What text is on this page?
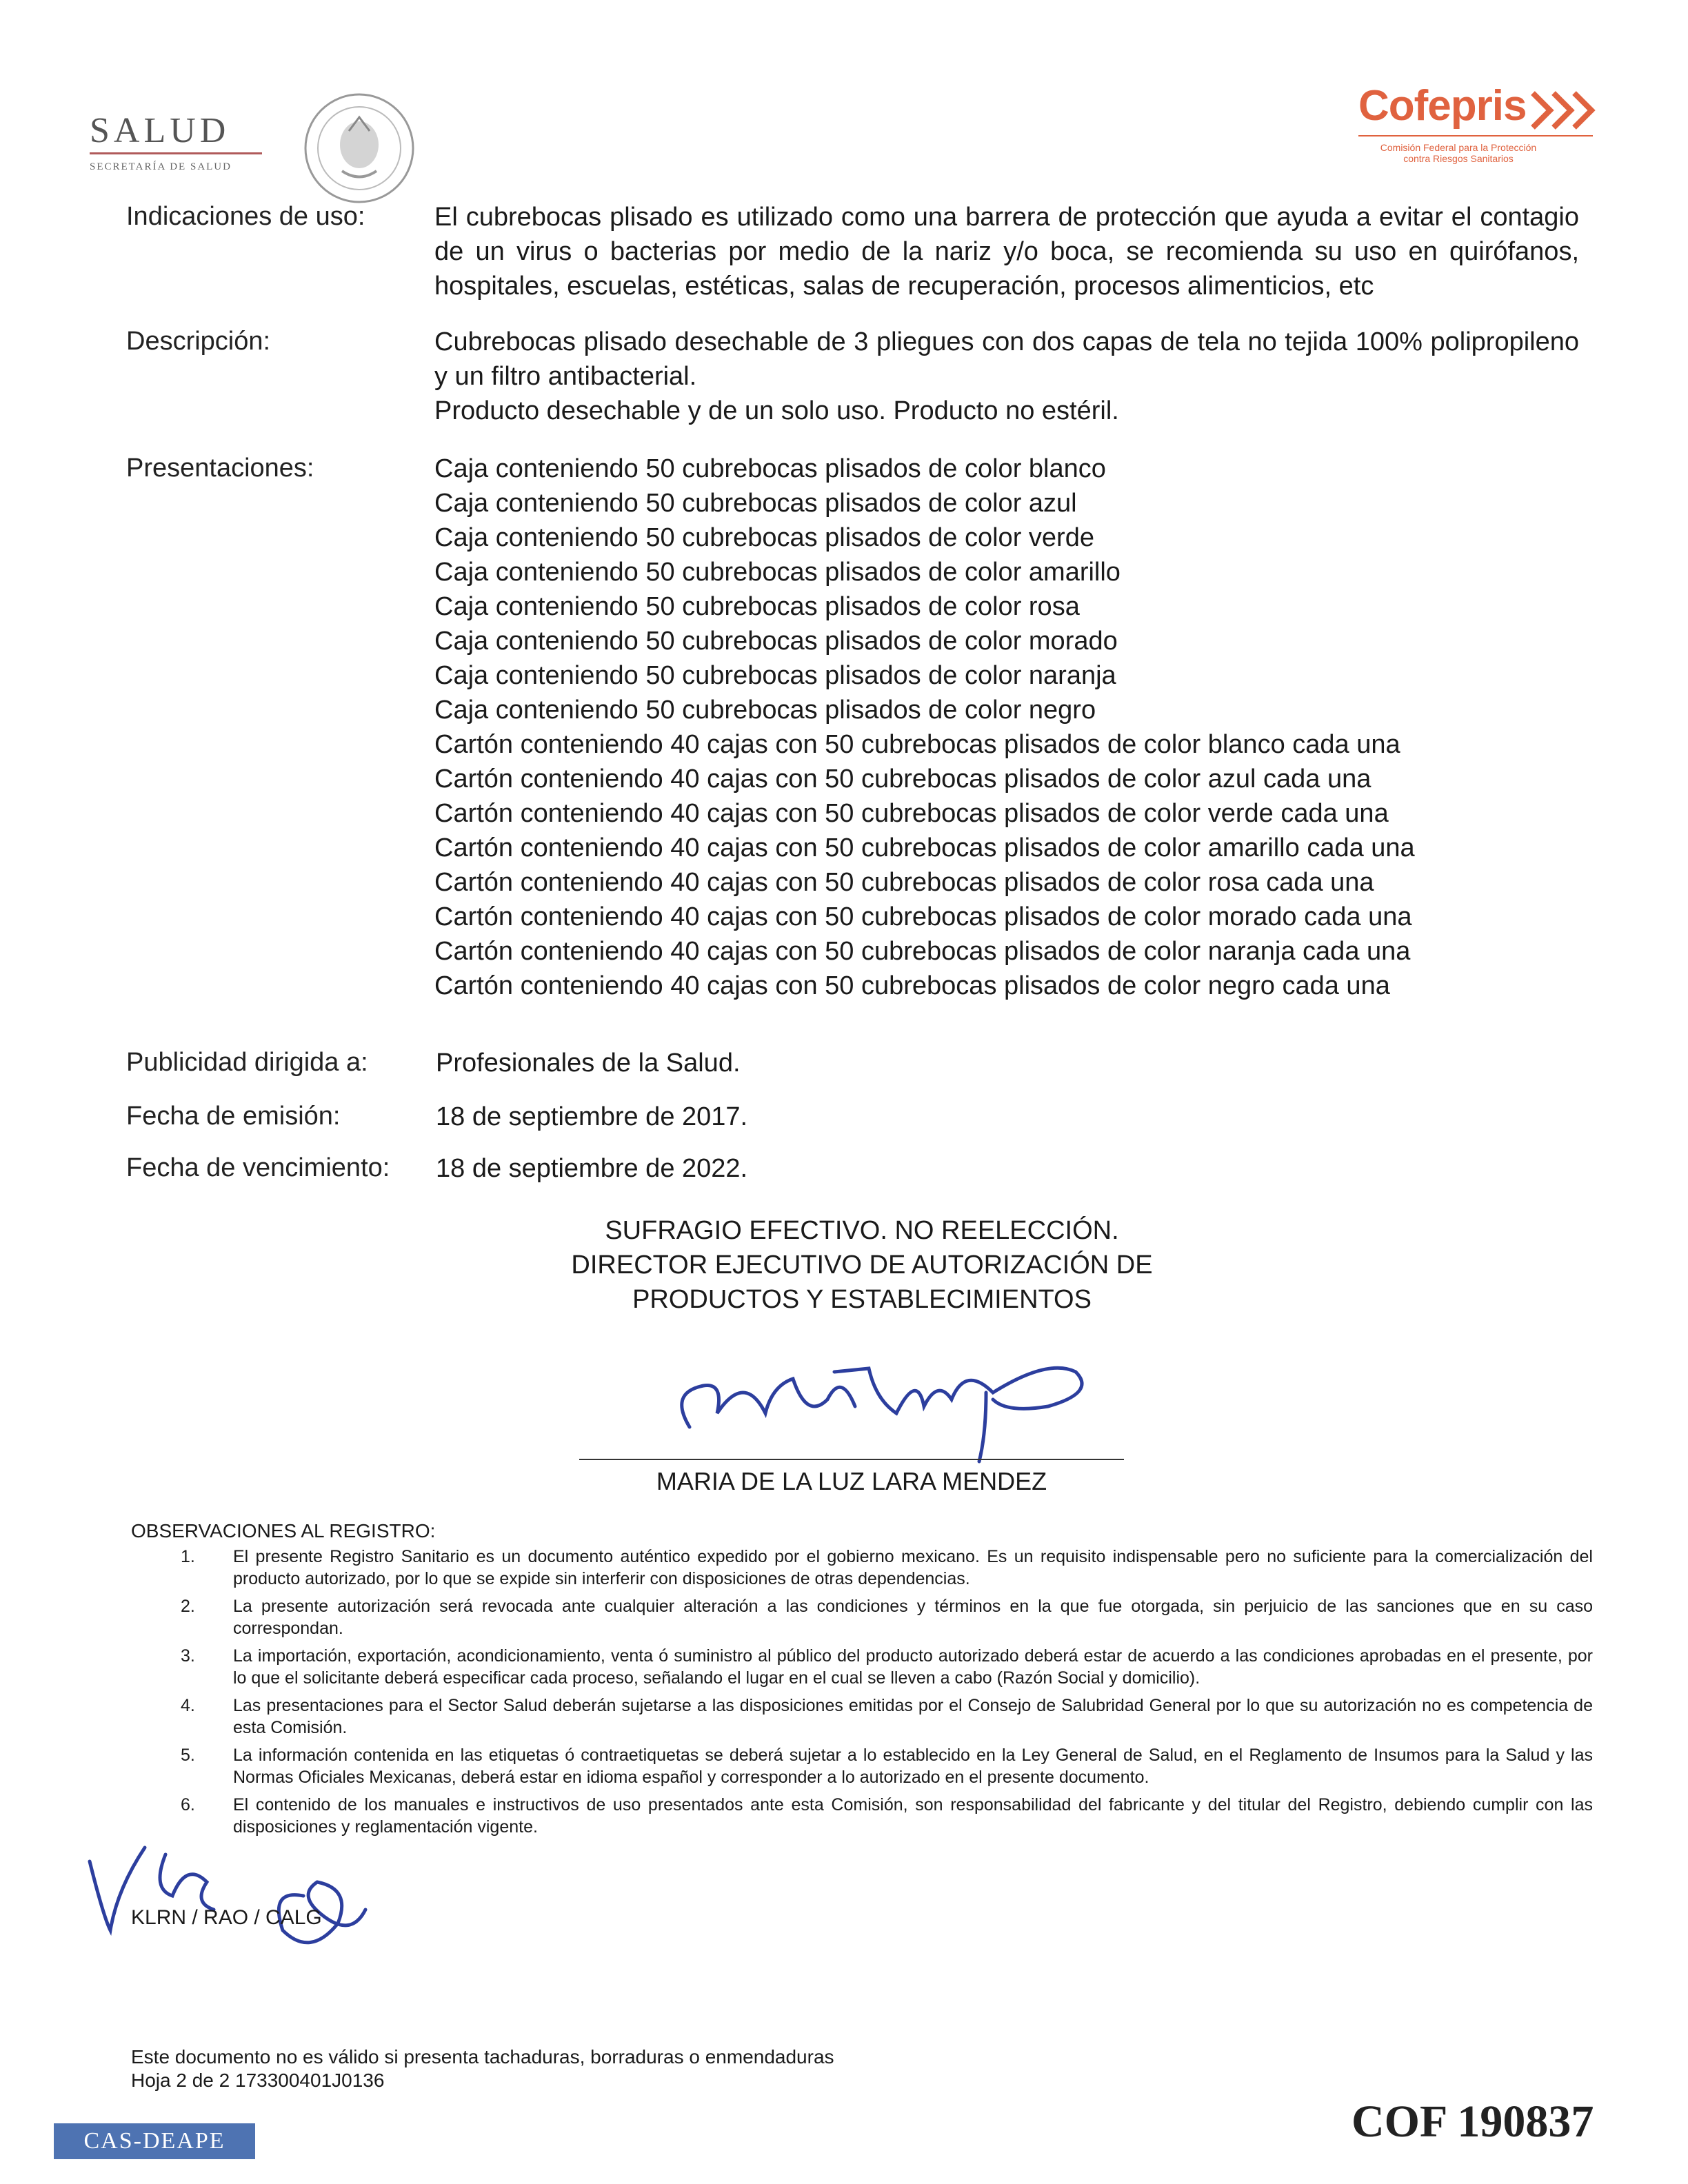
SALUD
SECRETARÍA DE SALUD
Cofepris
Comisión Federal para la Protección
contra Riesgos Sanitarios
Indicaciones de uso:	El cubrebocas plisado es utilizado como una barrera de protección que ayuda a evitar el contagio de un virus o bacterias por medio de la nariz y/o boca, se recomienda su uso en quirófanos, hospitales, escuelas, estéticas, salas de recuperación, procesos alimenticios, etc
Descripción:	Cubrebocas plisado desechable de 3 pliegues con dos capas de tela no tejida 100% polipropileno y un filtro antibacterial.
Producto desechable y de un solo uso. Producto no estéril.
Presentaciones:	Caja conteniendo 50 cubrebocas plisados de color blanco
Caja conteniendo 50 cubrebocas plisados de color azul
Caja conteniendo 50 cubrebocas plisados de color verde
Caja conteniendo 50 cubrebocas plisados de color amarillo
Caja conteniendo 50 cubrebocas plisados de color rosa
Caja conteniendo 50 cubrebocas plisados de color morado
Caja conteniendo 50 cubrebocas plisados de color naranja
Caja conteniendo 50 cubrebocas plisados de color negro
Cartón conteniendo 40 cajas con 50 cubrebocas plisados de color blanco cada una
Cartón conteniendo 40 cajas con 50 cubrebocas plisados de color azul cada una
Cartón conteniendo 40 cajas con 50 cubrebocas plisados de color verde cada una
Cartón conteniendo 40 cajas con 50 cubrebocas plisados de color amarillo cada una
Cartón conteniendo 40 cajas con 50 cubrebocas plisados de color rosa cada una
Cartón conteniendo 40 cajas con 50 cubrebocas plisados de color morado cada una
Cartón conteniendo 40 cajas con 50 cubrebocas plisados de color naranja cada una
Cartón conteniendo 40 cajas con 50 cubrebocas plisados de color negro cada una
Publicidad dirigida a:	Profesionales de la Salud.
Fecha de emisión:	18 de septiembre de 2017.
Fecha de vencimiento: 18 de septiembre de 2022.
SUFRAGIO EFECTIVO. NO REELECCIÓN.
DIRECTOR EJECUTIVO DE AUTORIZACIÓN DE
PRODUCTOS Y ESTABLECIMIENTOS
MARIA DE LA LUZ LARA MENDEZ
OBSERVACIONES AL REGISTRO:
1. El presente Registro Sanitario es un documento auténtico expedido por el gobierno mexicano. Es un requisito indispensable pero no suficiente para la comercialización del producto autorizado, por lo que se expide sin interferir con disposiciones de otras dependencias.
2. La presente autorización será revocada ante cualquier alteración a las condiciones y términos en la que fue otorgada, sin perjuicio de las sanciones que en su caso correspondan.
3. La importación, exportación, acondicionamiento, venta ó suministro al público del producto autorizado deberá estar de acuerdo a las condiciones aprobadas en el presente, por lo que el solicitante deberá especificar cada proceso, señalando el lugar en el cual se lleven a cabo (Razón Social y domicilio).
4. Las presentaciones para el Sector Salud deberán sujetarse a las disposiciones emitidas por el Consejo de Salubridad General por lo que su autorización no es competencia de esta Comisión.
5. La información contenida en las etiquetas ó contraetiquetas se deberá sujetar a lo establecido en la Ley General de Salud, en el Reglamento de Insumos para la Salud y las Normas Oficiales Mexicanas, deberá estar en idioma español y corresponder a lo autorizado en el presente documento.
6. El contenido de los manuales e instructivos de uso presentados ante esta Comisión, son responsabilidad del fabricante y del titular del Registro, debiendo cumplir con las disposiciones y reglamentación vigente.
KLRN / RAO / CALG
Este documento no es válido si presenta tachaduras, borraduras o enmendaduras
Hoja 2 de 2 173300401J0136
CAS-DEAPE	COF 190837
